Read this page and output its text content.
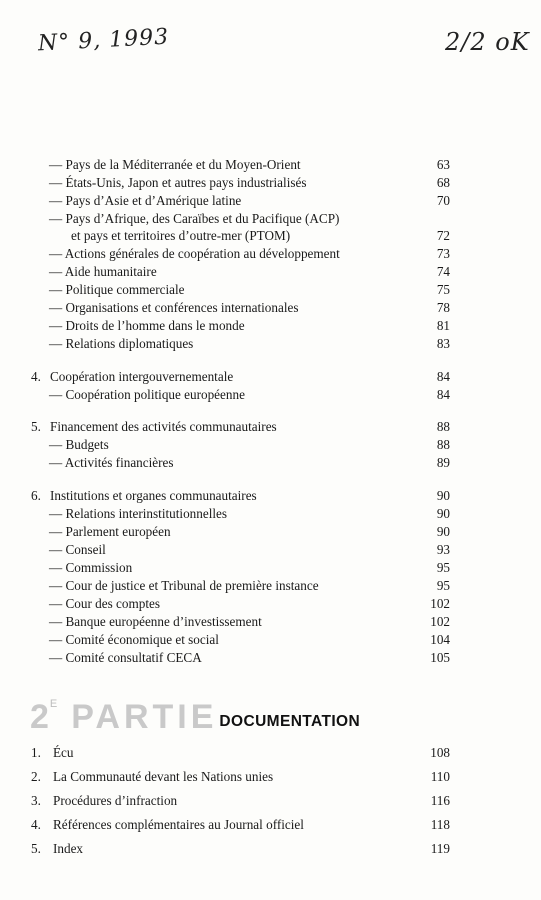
N° 9, 1993	2/2 oK
— Pays de la Méditerranée et du Moyen-Orient	63
— États-Unis, Japon et autres pays industrialisés	68
— Pays d’Asie et d’Amérique latine	70
— Pays d’Afrique, des Caraïbes et du Pacifique (ACP)
et pays et territoires d’outre-mer (PTOM)	72
— Actions générales de coopération au développement	73
— Aide humanitaire	74
— Politique commerciale	75
— Organisations et conférences internationales	78
— Droits de l’homme dans le monde	81
— Relations diplomatiques	83
4. Coopération intergouvernementale	84
— Coopération politique européenne	84
5. Financement des activités communautaires	88
— Budgets	88
— Activités financières	89
6. Institutions et organes communautaires	90
— Relations interinstitutionnelles	90
— Parlement européen	90
— Conseil	93
— Commission	95
— Cour de justice et Tribunal de première instance	95
— Cour des comptes	102
— Banque européenne d’investissement	102
— Comité économique et social	104
— Comité consultatif CECA	105
2 E PARTIE DOCUMENTATION
1. Écu	108
2. La Communauté devant les Nations unies	110
3. Procédures d’infraction	116
4. Références complémentaires au Journal officiel	118
5. Index	119
